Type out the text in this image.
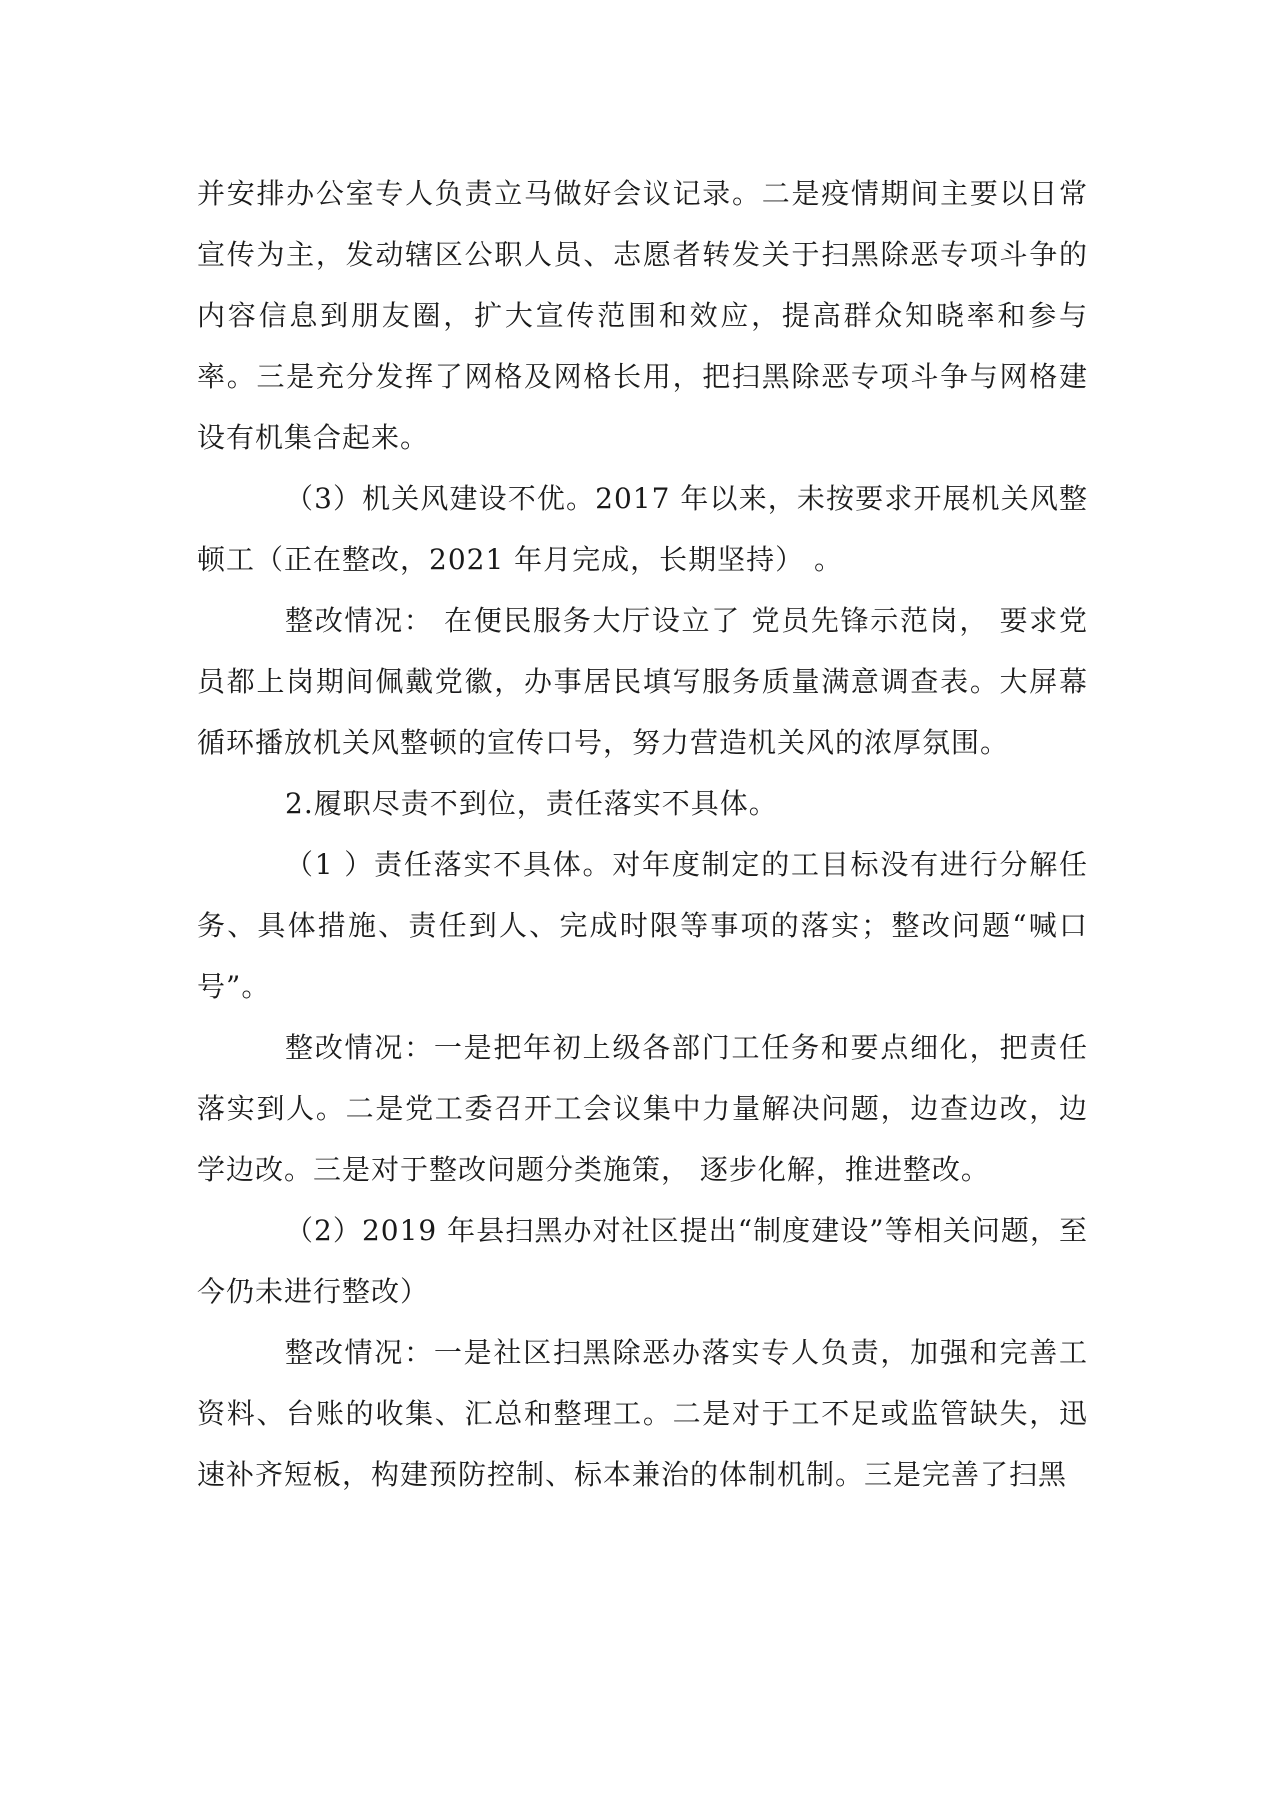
并安排办公室专人负责立马做好会议记录。二是疫情期间主要以日常宣传为主，发动辖区公职人员、志愿者转发关于扫黑除恶专项斗争的内容信息到朋友圈，扩大宣传范围和效应，提高群众知晓率和参与率。三是充分发挥了网格及网格长用，把扫黑除恶专项斗争与网格建设有机集合起来。

（3）机关风建设不优。2017 年以来，未按要求开展机关风整顿工（正在整改，2021 年月完成，长期坚持） 。

整改情况： 在便民服务大厅设立了 党员先锋示范岗， 要求党员都上岗期间佩戴党徽，办事居民填写服务质量满意调查表。大屏幕循环播放机关风整顿的宣传口号，努力营造机关风的浓厚氛围。

2.履职尽责不到位，责任落实不具体。

（1 ）责任落实不具体。对年度制定的工目标没有进行分解任务、具体措施、责任到人、完成时限等事项的落实；整改问题“喊口号”。

整改情况：一是把年初上级各部门工任务和要点细化，把责任落实到人。二是党工委召开工会议集中力量解决问题，边查边改，边学边改。三是对于整改问题分类施策， 逐步化解，推进整改。

（2）2019 年县扫黑办对社区提出“制度建设”等相关问题，至今仍未进行整改）

整改情况：一是社区扫黑除恶办落实专人负责，加强和完善工资料、台账的收集、汇总和整理工。二是对于工不足或监管缺失，迅速补齐短板，构建预防控制、标本兼治的体制机制。三是完善了扫黑
